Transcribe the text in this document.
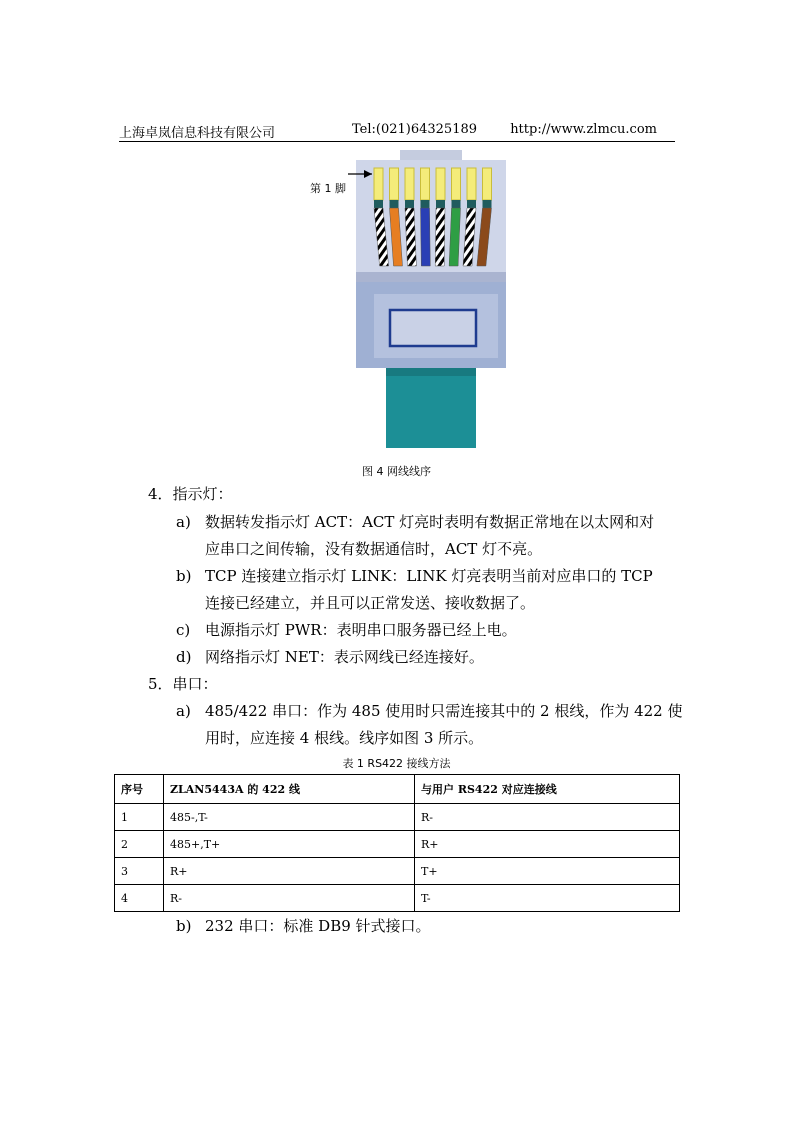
上海卓岚信息科技有限公司	Tel:(021)64325189	http://www.zlmcu.com
第 1 脚
图 4 网线线序
4．指示灯：
a) 数据转发指示灯 ACT：ACT 灯亮时表明有数据正常地在以太网和对
应串口之间传输，没有数据通信时，ACT 灯不亮。
b) TCP 连接建立指示灯 LINK：LINK 灯亮表明当前对应串口的 TCP
连接已经建立，并且可以正常发送、接收数据了。
c) 电源指示灯 PWR：表明串口服务器已经上电。
d) 网络指示灯 NET：表示网线已经连接好。
5．串口：
a) 485/422 串口：作为 485 使用时只需连接其中的 2 根线，作为 422 使
用时，应连接 4 根线。线序如图 3 所示。
表 1 RS422 接线方法
序号	ZLAN5443A 的 422 线	与用户 RS422 对应连接线
1	485-,T-	R-
2	485+,T+	R+
3	R+	T+
4	R-	T-
b) 232 串口：标准 DB9 针式接口。
